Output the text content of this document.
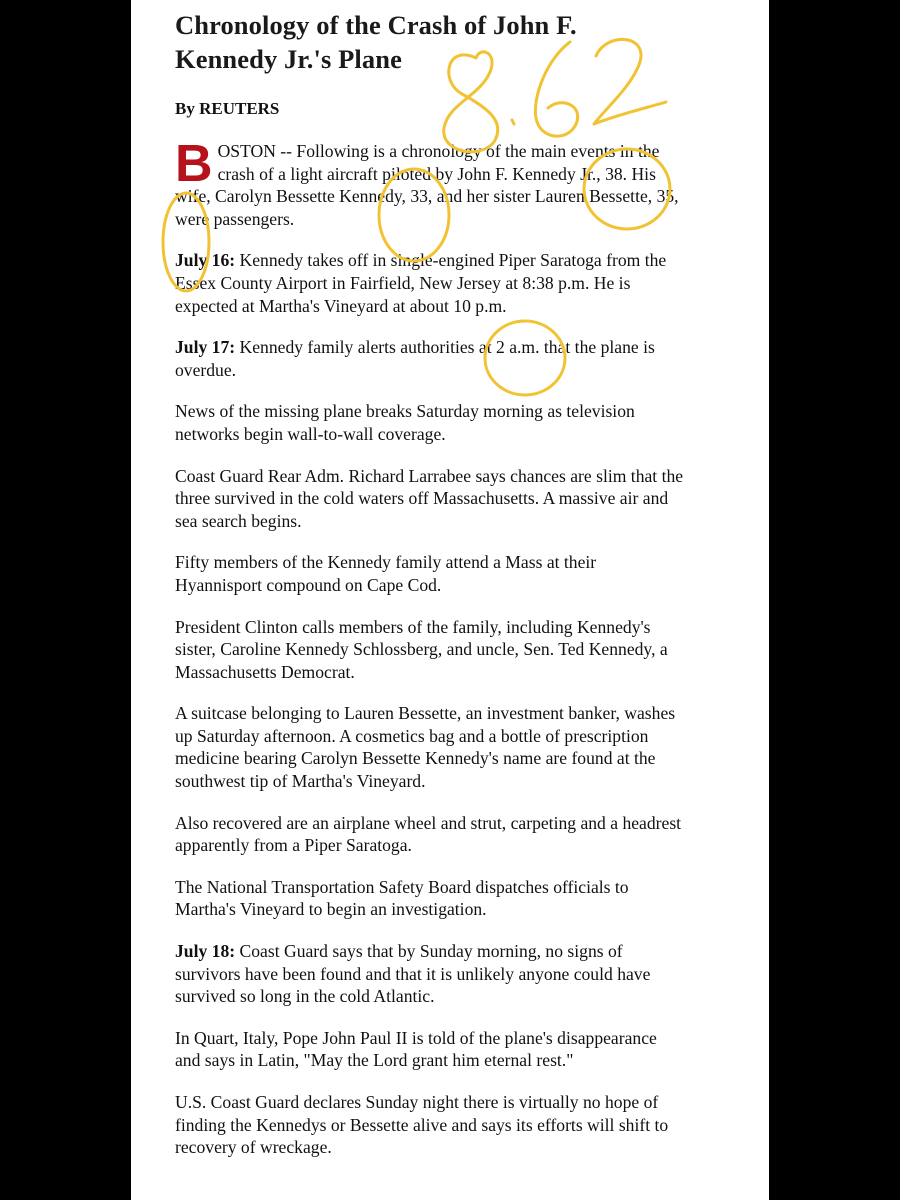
Chronology of the Crash of John F. Kennedy Jr.'s Plane
By REUTERS
BOSTON -- Following is a chronology of the main events in the crash of a light aircraft piloted by John F. Kennedy Jr., 38. His wife, Carolyn Bessette Kennedy, 33, and her sister Lauren Bessette, 35, were passengers.
July 16: Kennedy takes off in single-engined Piper Saratoga from the Essex County Airport in Fairfield, New Jersey at 8:38 p.m. He is expected at Martha's Vineyard at about 10 p.m.
July 17: Kennedy family alerts authorities at 2 a.m. that the plane is overdue.
News of the missing plane breaks Saturday morning as television networks begin wall-to-wall coverage.
Coast Guard Rear Adm. Richard Larrabee says chances are slim that the three survived in the cold waters off Massachusetts. A massive air and sea search begins.
Fifty members of the Kennedy family attend a Mass at their Hyannisport compound on Cape Cod.
President Clinton calls members of the family, including Kennedy's sister, Caroline Kennedy Schlossberg, and uncle, Sen. Ted Kennedy, a Massachusetts Democrat.
A suitcase belonging to Lauren Bessette, an investment banker, washes up Saturday afternoon. A cosmetics bag and a bottle of prescription medicine bearing Carolyn Bessette Kennedy's name are found at the southwest tip of Martha's Vineyard.
Also recovered are an airplane wheel and strut, carpeting and a headrest apparently from a Piper Saratoga.
The National Transportation Safety Board dispatches officials to Martha's Vineyard to begin an investigation.
July 18: Coast Guard says that by Sunday morning, no signs of survivors have been found and that it is unlikely anyone could have survived so long in the cold Atlantic.
In Quart, Italy, Pope John Paul II is told of the plane's disappearance and says in Latin, "May the Lord grant him eternal rest."
U.S. Coast Guard declares Sunday night there is virtually no hope of finding the Kennedys or Bessette alive and says its efforts will shift to recovery of wreckage.
